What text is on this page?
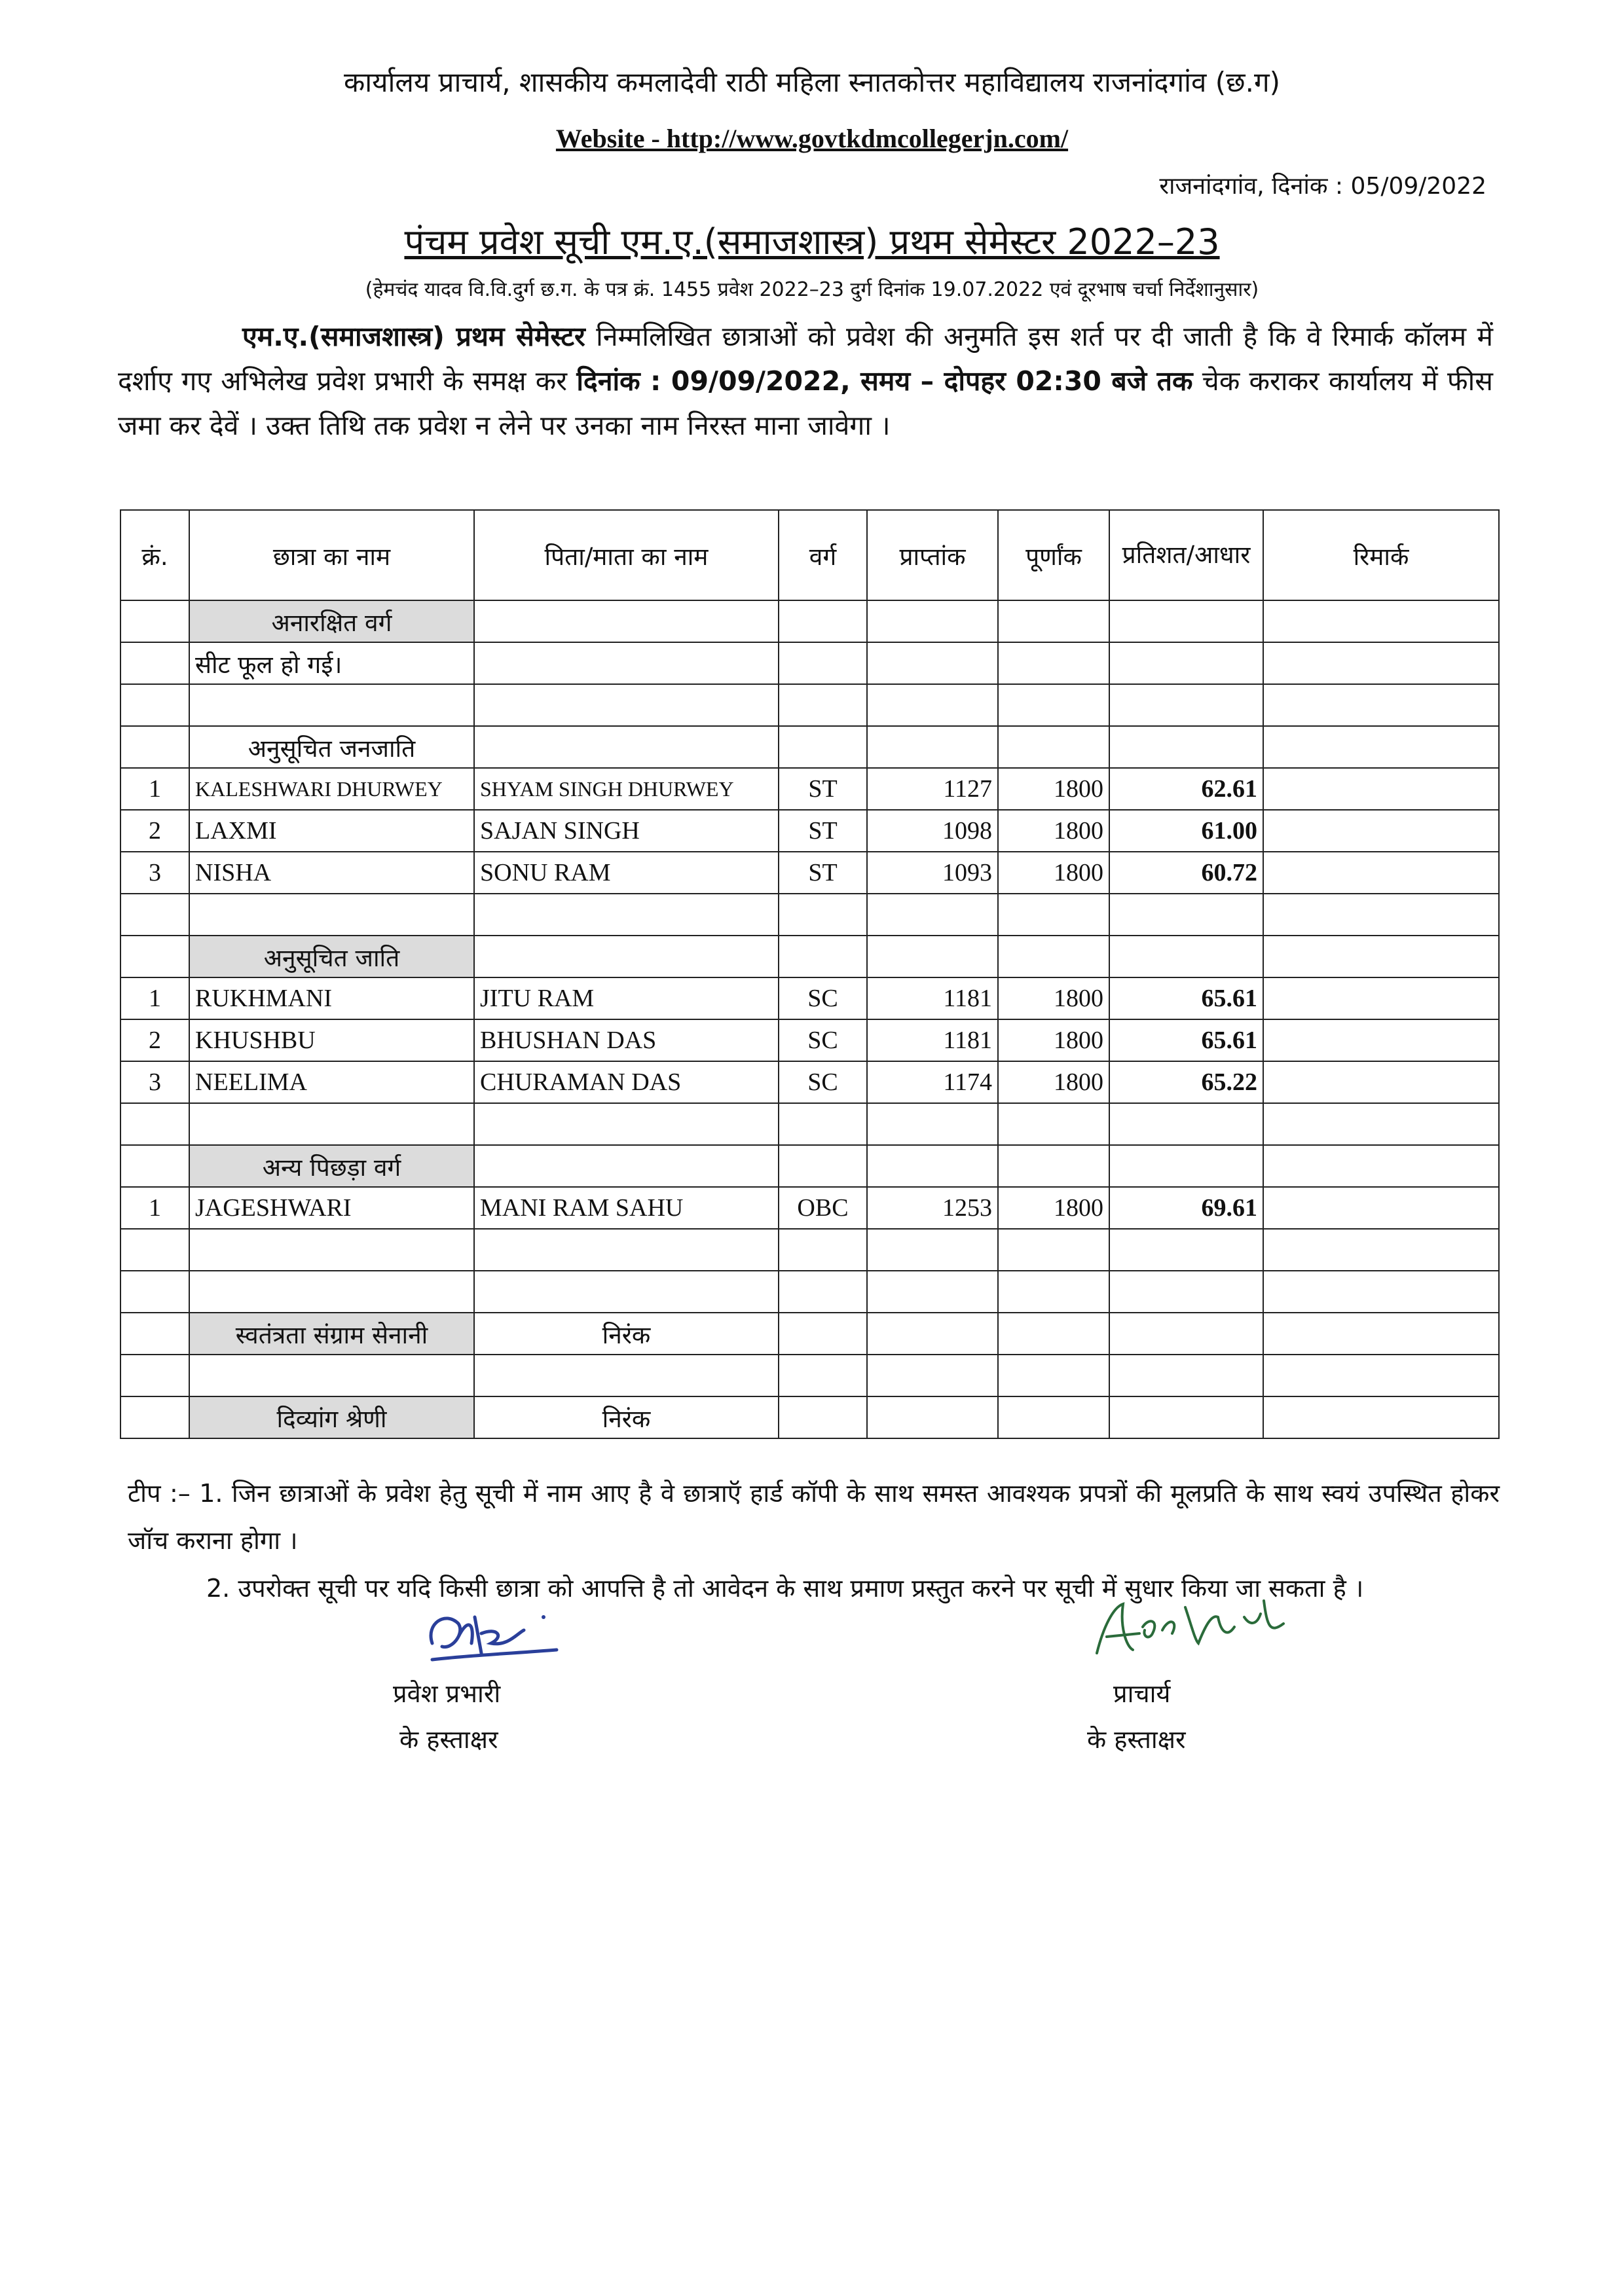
कार्यालय प्राचार्य, शासकीय कमलादेवी राठी महिला स्नातकोत्तर महाविद्यालय राजनांदगांव (छ.ग)
Website - http://www.govtkdmcollegerjn.com/
राजनांदगांव, दिनांक : 05/09/2022
पंचम प्रवेश सूची एम.ए.(समाजशास्त्र) प्रथम सेमेस्टर 2022–23
(हेमचंद यादव वि.वि.दुर्ग छ.ग. के पत्र क्रं. 1455 प्रवेश 2022–23 दुर्ग दिनांक 19.07.2022 एवं दूरभाष चर्चा निर्देशानुसार)
एम.ए.(समाजशास्त्र) प्रथम सेमेस्टर निम्मलिखित छात्राओं को प्रवेश की अनुमति इस शर्त पर दी जाती है कि वे रिमार्क कॉलम में दर्शाए गए अभिलेख प्रवेश प्रभारी के समक्ष कर दिनांक : 09/09/2022, समय – दोपहर 02:30 बजे तक चेक कराकर कार्यालय में फीस जमा कर देवें । उक्त तिथि तक प्रवेश न लेने पर उनका नाम निरस्त माना जावेगा ।
क्रं.	छात्रा का नाम	पिता/माता का नाम	वर्ग	प्राप्तांक	पूर्णांक	प्रतिशत/आधार	रिमार्क
	अनारक्षित वर्ग						
	सीट फूल हो गई।						

	अनुसूचित जनजाति						
1	KALESHWARI DHURWEY	SHYAM SINGH DHURWEY	ST	1127	1800	62.61	
2	LAXMI	SAJAN SINGH	ST	1098	1800	61.00	
3	NISHA	SONU RAM	ST	1093	1800	60.72	

	अनुसूचित जाति						
1	RUKHMANI	JITU RAM	SC	1181	1800	65.61	
2	KHUSHBU	BHUSHAN DAS	SC	1181	1800	65.61	
3	NEELIMA	CHURAMAN DAS	SC	1174	1800	65.22	

	अन्य पिछड़ा वर्ग						
1	JAGESHWARI	MANI RAM SAHU	OBC	1253	1800	69.61	

	स्वतंत्रता संग्राम सेनानी	निरंक					

	दिव्यांग श्रेणी	निरंक					
टीप :– 1. जिन छात्राओं के प्रवेश हेतु सूची में नाम आए है वे छात्राऍ हार्ड कॉपी के साथ समस्त आवश्यक प्रपत्रों की मूलप्रति के साथ स्वयं उपस्थित होकर जॉच कराना होगा ।
2. उपरोक्त सूची पर यदि किसी छात्रा को आपत्ति है तो आवेदन के साथ प्रमाण प्रस्तुत करने पर सूची में सुधार किया जा सकता है ।
प्रवेश प्रभारी
के हस्ताक्षर
प्राचार्य
के हस्ताक्षर
